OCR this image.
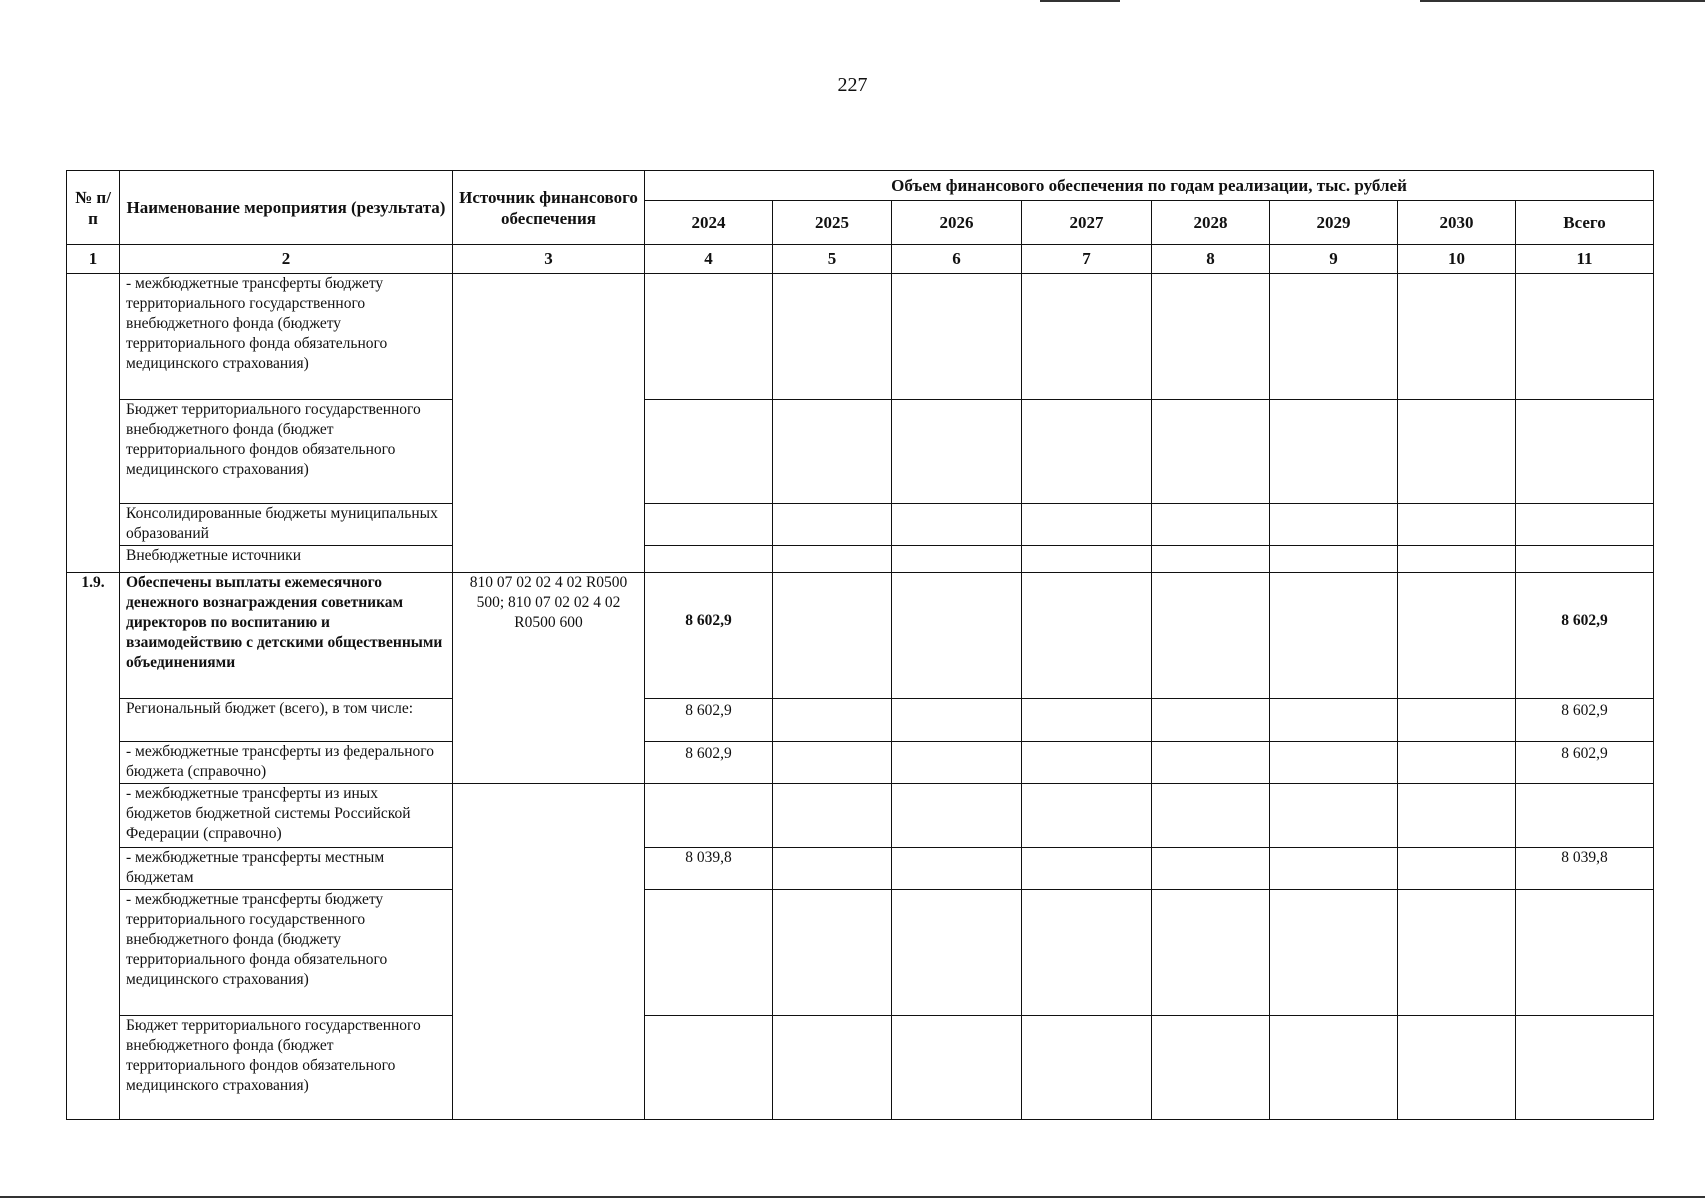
227
№ п/п	Наименование мероприятия (результата)	Источник финансового обеспечения	Объем финансового обеспечения по годам реализации, тыс. рублей							
			2024	2025	2026	2027	2028	2029	2030	Всего
1	2	3	4	5	6	7	8	9	10	11
	- межбюджетные трансферты бюджету территориального государственного внебюджетного фонда (бюджету территориального фонда обязательного медицинского страхования)									
	Бюджет территориального государственного внебюджетного фонда (бюджет территориального фондов обязательного медицинского страхования)									
	Консолидированные бюджеты муниципальных образований									
	Внебюджетные источники									
1.9.	Обеспечены выплаты ежемесячного денежного вознаграждения советникам директоров по воспитанию и взаимодействию с детскими общественными объединениями	810 07 02 02 4 02 R0500 500; 810 07 02 02 4 02 R0500 600	8 602,9							8 602,9
	Региональный бюджет (всего), в том числе:		8 602,9							8 602,9
	- межбюджетные трансферты из федерального бюджета (справочно)		8 602,9							8 602,9
	- межбюджетные трансферты из иных бюджетов бюджетной системы Российской Федерации (справочно)									
	- межбюджетные трансферты местным бюджетам		8 039,8							8 039,8
	- межбюджетные трансферты бюджету территориального государственного внебюджетного фонда (бюджету территориального фонда обязательного медицинского страхования)									
	Бюджет территориального государственного внебюджетного фонда (бюджет территориального фондов обязательного медицинского страхования)									
